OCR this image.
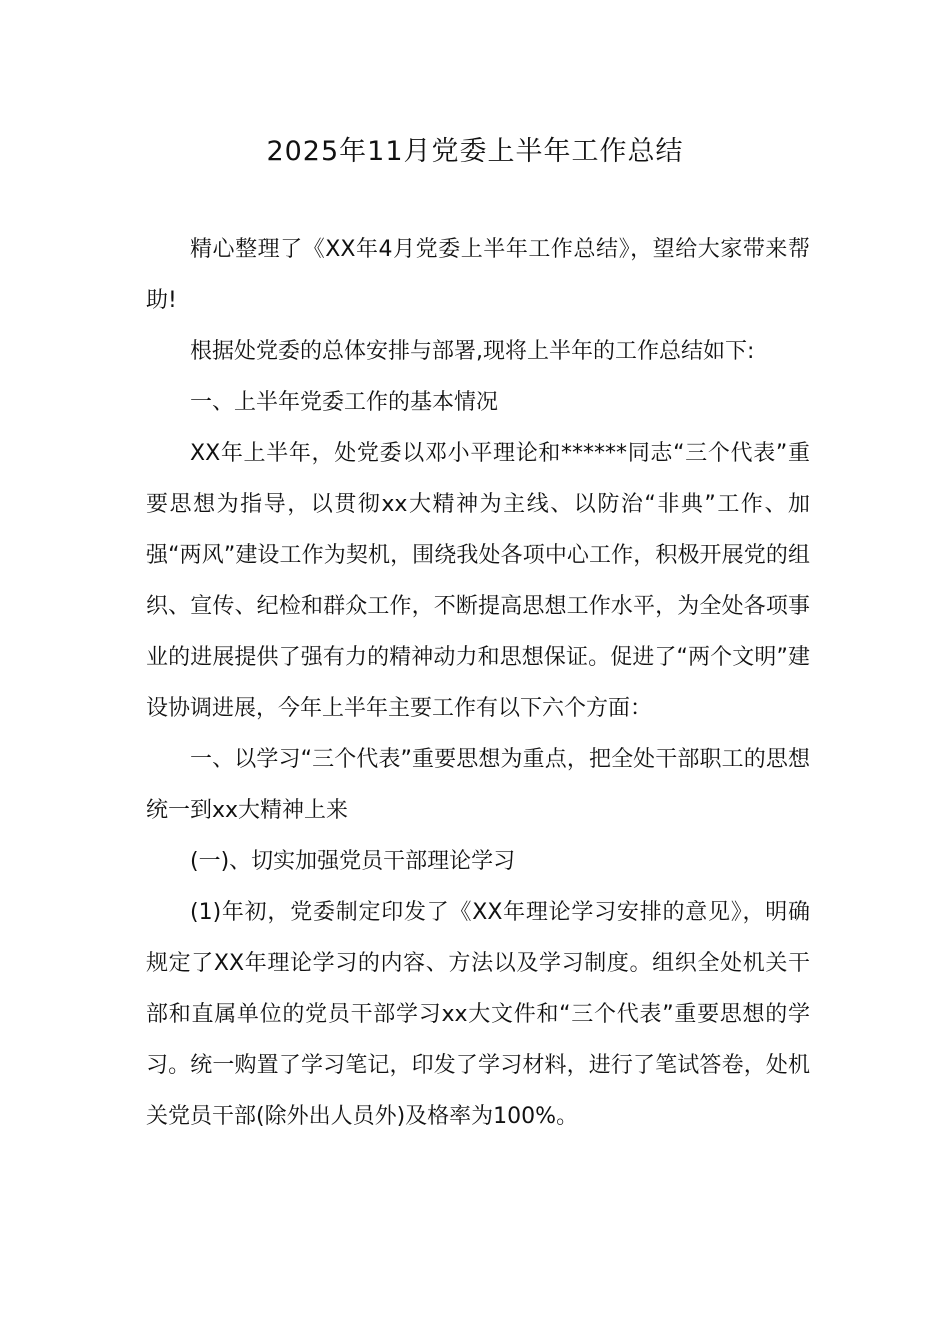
2025年11月党委上半年工作总结

精心整理了《XX年4月党委上半年工作总结》，望给大家带来帮助!

根据处党委的总体安排与部署,现将上半年的工作总结如下:

一、上半年党委工作的基本情况

XX年上半年，处党委以邓小平理论和******同志“三个代表”重要思想为指导，以贯彻xx大精神为主线、以防治“非典”工作、加强“两风”建设工作为契机，围绕我处各项中心工作，积极开展党的组织、宣传、纪检和群众工作，不断提高思想工作水平，为全处各项事业的进展提供了强有力的精神动力和思想保证。促进了“两个文明”建设协调进展，今年上半年主要工作有以下六个方面：

一、以学习“三个代表”重要思想为重点，把全处干部职工的思想统一到xx大精神上来

(一)、切实加强党员干部理论学习

(1)年初，党委制定印发了《XX年理论学习安排的意见》，明确规定了XX年理论学习的内容、方法以及学习制度。组织全处机关干部和直属单位的党员干部学习xx大文件和“三个代表”重要思想的学习。统一购置了学习笔记，印发了学习材料，进行了笔试答卷，处机关党员干部(除外出人员外)及格率为100%。
